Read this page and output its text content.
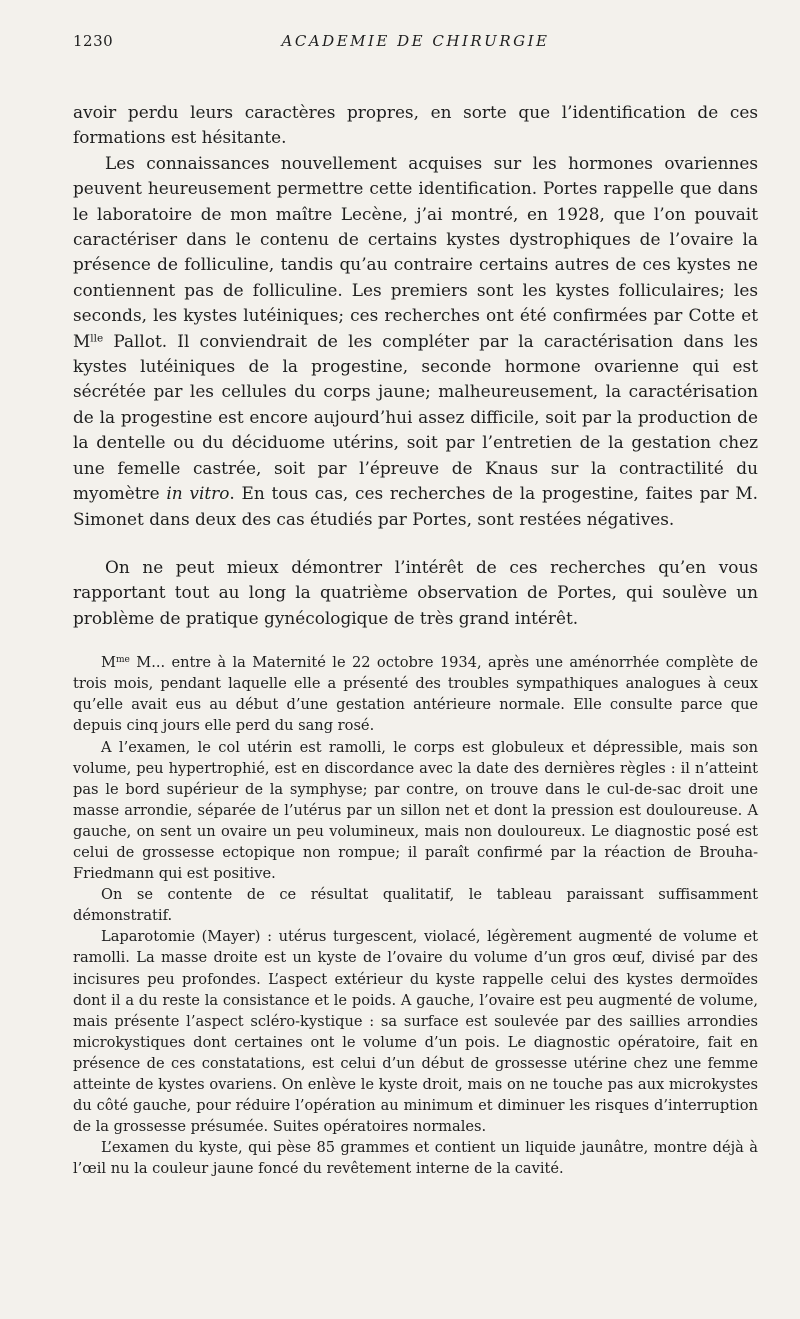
1230	ACADEMIE DE CHIRURGIE

avoir perdu leurs caractères propres, en sorte que l’identification de ces formations est hésitante.

Les connaissances nouvellement acquises sur les hormones ovariennes peuvent heureusement permettre cette identification. Portes rappelle que dans le laboratoire de mon maître Lecène, j’ai montré, en 1928, que l’on pouvait caractériser dans le contenu de certains kystes dystrophiques de l’ovaire la présence de folliculine, tandis qu’au contraire certains autres de ces kystes ne contiennent pas de folliculine. Les premiers sont les kystes folliculaires; les seconds, les kystes lutéiniques; ces recherches ont été confirmées par Cotte et $M^{lle}$ Pallot. Il conviendrait de les compléter par la caractérisation dans les kystes lutéiniques de la progestine, seconde hormone ovarienne qui est sécrétée par les cellules du corps jaune; malheureusement, la caractérisation de la progestine est encore aujourd’hui assez difficile, soit par la production de la dentelle ou du déciduome utérins, soit par l’entretien de la gestation chez une femelle castrée, soit par l’épreuve de Knaus sur la contractilité du myomètre in vitro. En tous cas, ces recherches de la progestine, faites par M. Simonet dans deux des cas étudiés par Portes, sont restées négatives.

On ne peut mieux démontrer l’intérêt de ces recherches qu’en vous rapportant tout au long la quatrième observation de Portes, qui soulève un problème de pratique gynécologique de très grand intérêt.

$M^{me}$ M... entre à la Maternité le 22 octobre 1934, après une aménorrhée complète de trois mois, pendant laquelle elle a présenté des troubles sympathiques analogues à ceux qu’elle avait eus au début d’une gestation antérieure normale. Elle consulte parce que depuis cinq jours elle perd du sang rosé.

A l’examen, le col utérin est ramolli, le corps est globuleux et dépressible, mais son volume, peu hypertrophié, est en discordance avec la date des dernières règles : il n’atteint pas le bord supérieur de la symphyse; par contre, on trouve dans le cul-de-sac droit une masse arrondie, séparée de l’utérus par un sillon net et dont la pression est douloureuse. A gauche, on sent un ovaire un peu volumineux, mais non douloureux. Le diagnostic posé est celui de grossesse ectopique non rompue; il paraît confirmé par la réaction de Brouha-Friedmann qui est positive.

On se contente de ce résultat qualitatif, le tableau paraissant suffisamment démonstratif.

Laparotomie (Mayer) : utérus turgescent, violacé, légèrement augmenté de volume et ramolli. La masse droite est un kyste de l’ovaire du volume d’un gros œuf, divisé par des incisures peu profondes. L’aspect extérieur du kyste rappelle celui des kystes dermoïdes dont il a du reste la consistance et le poids. A gauche, l’ovaire est peu augmenté de volume, mais présente l’aspect scléro-kystique : sa surface est soulevée par des saillies arrondies microkystiques dont certaines ont le volume d’un pois. Le diagnostic opératoire, fait en présence de ces constatations, est celui d’un début de grossesse utérine chez une femme atteinte de kystes ovariens. On enlève le kyste droit, mais on ne touche pas aux microkystes du côté gauche, pour réduire l’opération au minimum et diminuer les risques d’interruption de la grossesse présumée. Suites opératoires normales.

L’examen du kyste, qui pèse 85 grammes et contient un liquide jaunâtre, montre déjà à l’œil nu la couleur jaune foncé du revêtement interne de la cavité.
